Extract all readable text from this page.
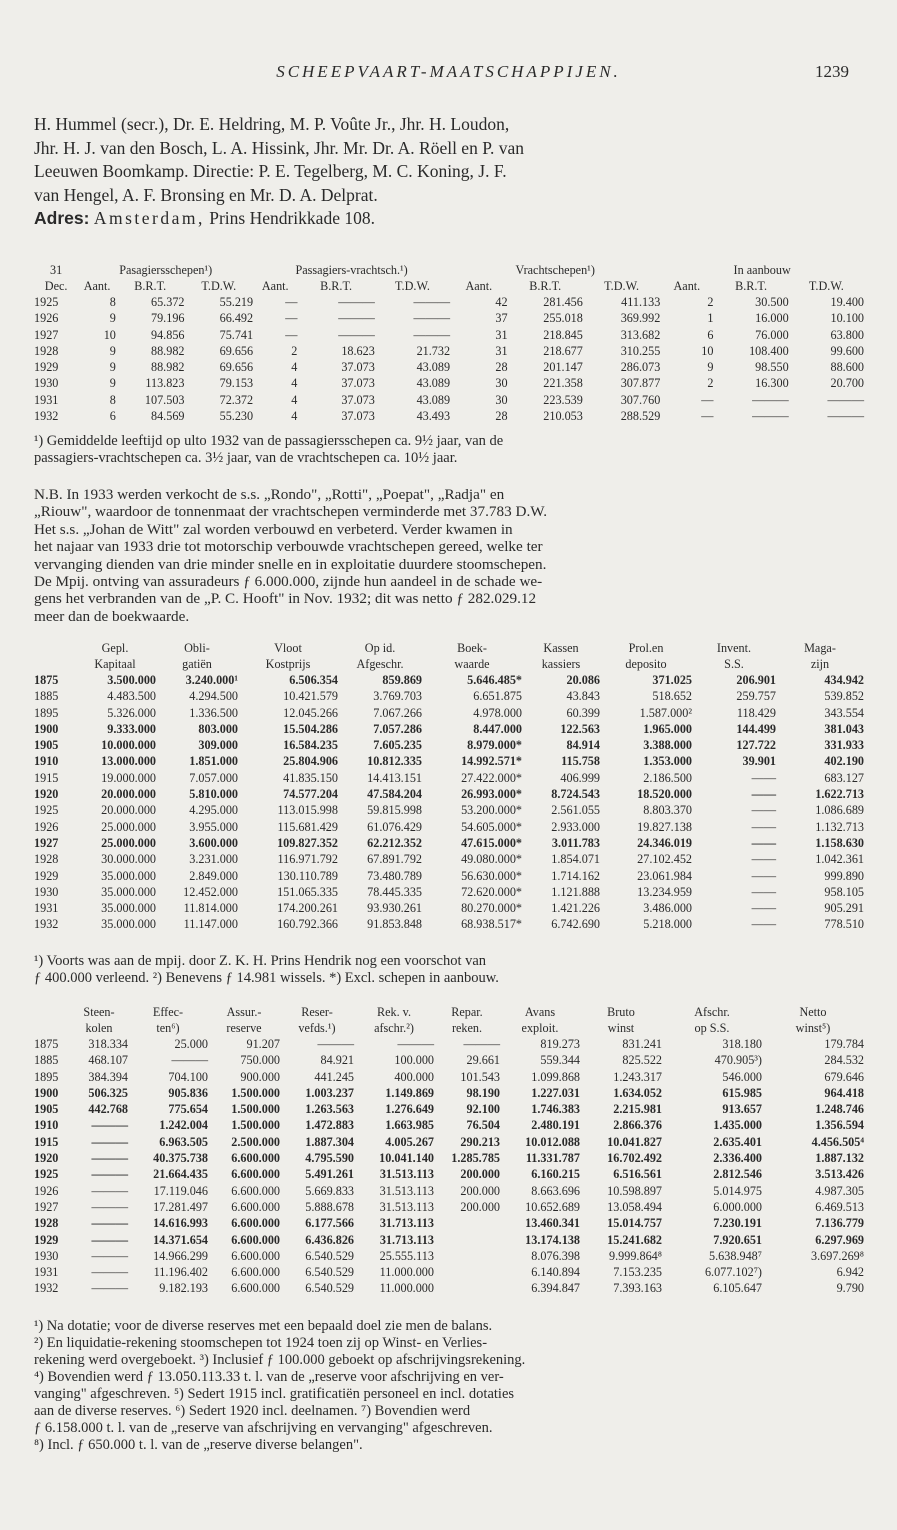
SCHEEPVAART-MAATSCHAPPIJEN.	1239
H. Hummel (secr.), Dr. E. Heldring, M. P. Voûte Jr., Jhr. H. Loudon,
Jhr. H. J. van den Bosch, L. A. Hissink, Jhr. Mr. Dr. A. Röell en P. van
Leeuwen Boomkamp. Directie: P. E. Tegelberg, M. C. Koning, J. F.
van Hengel, A. F. Bronsing en Mr. D. A. Delprat.
Adres: Amsterdam, Prins Hendrikkade 108.
31	Pasagiersschepen¹)			Passagiers-vrachtsch.¹)			Vrachtschepen¹)			In aanbouw		
Dec.	Aant.	B.R.T.	T.D.W.	Aant.	B.R.T.	T.D.W.	Aant.	B.R.T.	T.D.W.	Aant.	B.R.T.	T.D.W.
1925	8	65.372	55.219	—	———	———	42	281.456	411.133	2	30.500	19.400
1926	9	79.196	66.492	—	———	———	37	255.018	369.992	1	16.000	10.100
1927	10	94.856	75.741	—	———	———	31	218.845	313.682	6	76.000	63.800
1928	9	88.982	69.656	2	18.623	21.732	31	218.677	310.255	10	108.400	99.600
1929	9	88.982	69.656	4	37.073	43.089	28	201.147	286.073	9	98.550	88.600
1930	9	113.823	79.153	4	37.073	43.089	30	221.358	307.877	2	16.300	20.700
1931	8	107.503	72.372	4	37.073	43.089	30	223.539	307.760	—	———	———
1932	6	84.569	55.230	4	37.073	43.493	28	210.053	288.529	—	———	———
¹) Gemiddelde leeftijd op ulto 1932 van de passagiersschepen ca. 9½ jaar, van de
passagiers-vrachtschepen ca. 3½ jaar, van de vrachtschepen ca. 10½ jaar.
N.B. In 1933 werden verkocht de s.s. „Rondo", „Rotti", „Poepat", „Radja" en
„Riouw", waardoor de tonnenmaat der vrachtschepen verminderde met 37.783 D.W.
Het s.s. „Johan de Witt" zal worden verbouwd en verbeterd. Verder kwamen in
het najaar van 1933 drie tot motorschip verbouwde vrachtschepen gereed, welke ter
vervanging dienden van drie minder snelle en in exploitatie duurdere stoomschepen.
De Mpij. ontving van assuradeurs ƒ 6.000.000, zijnde hun aandeel in de schade we-
gens het verbranden van de „P. C. Hooft" in Nov. 1932; dit was netto ƒ 282.029.12
meer dan de boekwaarde.
	Gepl.	Obli-	Vloot	Op id.	Boek-	Kassen	Prol.en	Invent.	Maga-
	Kapitaal	gatiën	Kostprijs	Afgeschr.	waarde	kassiers	deposito	S.S.	zijn
1875	3.500.000	3.240.000¹	6.506.354	859.869	5.646.485*	20.086	371.025	206.901	434.942
1885	4.483.500	4.294.500	10.421.579	3.769.703	6.651.875	43.843	518.652	259.757	539.852
1895	5.326.000	1.336.500	12.045.266	7.067.266	4.978.000	60.399	1.587.000²	118.429	343.554
1900	9.333.000	803.000	15.504.286	7.057.286	8.447.000	122.563	1.965.000	144.499	381.043
1905	10.000.000	309.000	16.584.235	7.605.235	8.979.000*	84.914	3.388.000	127.722	331.933
1910	13.000.000	1.851.000	25.804.906	10.812.335	14.992.571*	115.758	1.353.000	39.901	402.190
1915	19.000.000	7.057.000	41.835.150	14.413.151	27.422.000*	406.999	2.186.500	——	683.127
1920	20.000.000	5.810.000	74.577.204	47.584.204	26.993.000*	8.724.543	18.520.000	——	1.622.713
1925	20.000.000	4.295.000	113.015.998	59.815.998	53.200.000*	2.561.055	8.803.370	——	1.086.689
1926	25.000.000	3.955.000	115.681.429	61.076.429	54.605.000*	2.933.000	19.827.138	——	1.132.713
1927	25.000.000	3.600.000	109.827.352	62.212.352	47.615.000*	3.011.783	24.346.019	——	1.158.630
1928	30.000.000	3.231.000	116.971.792	67.891.792	49.080.000*	1.854.071	27.102.452	——	1.042.361
1929	35.000.000	2.849.000	130.110.789	73.480.789	56.630.000*	1.714.162	23.061.984	——	999.890
1930	35.000.000	12.452.000	151.065.335	78.445.335	72.620.000*	1.121.888	13.234.959	——	958.105
1931	35.000.000	11.814.000	174.200.261	93.930.261	80.270.000*	1.421.226	3.486.000	——	905.291
1932	35.000.000	11.147.000	160.792.366	91.853.848	68.938.517*	6.742.690	5.218.000	——	778.510
¹) Voorts was aan de mpij. door Z. K. H. Prins Hendrik nog een voorschot van
ƒ 400.000 verleend. ²) Benevens ƒ 14.981 wissels. *) Excl. schepen in aanbouw.
	Steen-	Effec-	Assur.-	Reser-	Rek. v.	Repar.	Avans	Bruto	Afschr.	Netto
	kolen	ten⁶)	reserve	vefds.¹)	afschr.²)	reken.	exploit.	winst	op S.S.	winst⁵)
1875	318.334	25.000	91.207	———	———	———	819.273	831.241	318.180	179.784
1885	468.107	———	750.000	84.921	100.000	29.661	559.344	825.522	470.905³)	284.532
1895	384.394	704.100	900.000	441.245	400.000	101.543	1.099.868	1.243.317	546.000	679.646
1900	506.325	905.836	1.500.000	1.003.237	1.149.869	98.190	1.227.031	1.634.052	615.985	964.418
1905	442.768	775.654	1.500.000	1.263.563	1.276.649	92.100	1.746.383	2.215.981	913.657	1.248.746
1910	———	1.242.004	1.500.000	1.472.883	1.663.985	76.504	2.480.191	2.866.376	1.435.000	1.356.594
1915	———	6.963.505	2.500.000	1.887.304	4.005.267	290.213	10.012.088	10.041.827	2.635.401	4.456.505⁴
1920	———	40.375.738	6.600.000	4.795.590	10.041.140	1.285.785	11.331.787	16.702.492	2.336.400	1.887.132
1925	———	21.664.435	6.600.000	5.491.261	31.513.113	200.000	6.160.215	6.516.561	2.812.546	3.513.426
1926	———	17.119.046	6.600.000	5.669.833	31.513.113	200.000	8.663.696	10.598.897	5.014.975	4.987.305
1927	———	17.281.497	6.600.000	5.888.678	31.513.113	200.000	10.652.689	13.058.494	6.000.000	6.469.513
1928	———	14.616.993	6.600.000	6.177.566	31.713.113		13.460.341	15.014.757	7.230.191	7.136.779
1929	———	14.371.654	6.600.000	6.436.826	31.713.113		13.174.138	15.241.682	7.920.651	6.297.969
1930	———	14.966.299	6.600.000	6.540.529	25.555.113		8.076.398	9.999.864⁸	5.638.948⁷	3.697.269⁸
1931	———	11.196.402	6.600.000	6.540.529	11.000.000		6.140.894	7.153.235	6.077.102⁷)	6.942
1932	———	9.182.193	6.600.000	6.540.529	11.000.000		6.394.847	7.393.163	6.105.647	9.790
¹) Na dotatie; voor de diverse reserves met een bepaald doel zie men de balans.
²) En liquidatie-rekening stoomschepen tot 1924 toen zij op Winst- en Verlies-
rekening werd overgeboekt. ³) Inclusief ƒ 100.000 geboekt op afschrijvingsrekening.
⁴) Bovendien werd ƒ 13.050.113.33 t. l. van de „reserve voor afschrijving en ver-
vanging" afgeschreven. ⁵) Sedert 1915 incl. gratificatiën personeel en incl. dotaties
aan de diverse reserves. ⁶) Sedert 1920 incl. deelnamen. ⁷) Bovendien werd
ƒ 6.158.000 t. l. van de „reserve van afschrijving en vervanging" afgeschreven.
⁸) Incl. ƒ 650.000 t. l. van de „reserve diverse belangen".
